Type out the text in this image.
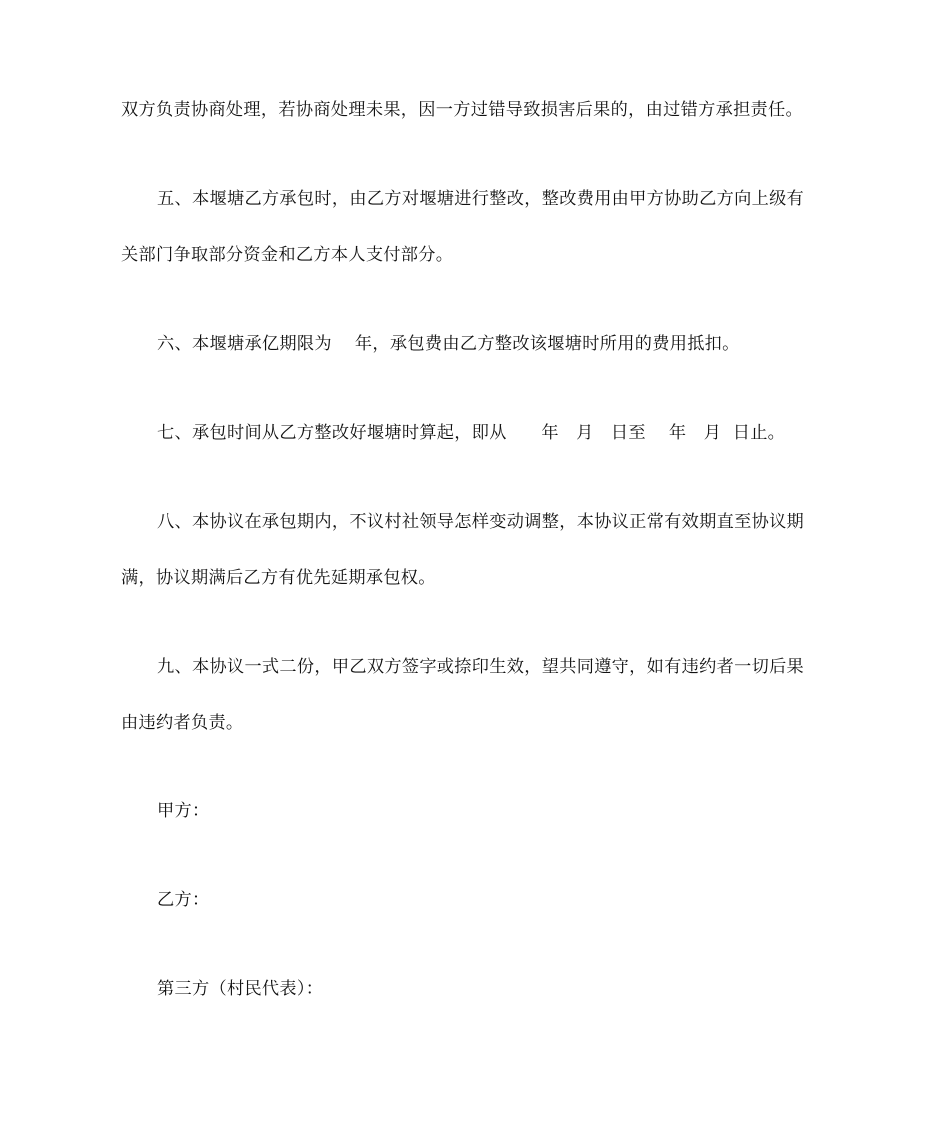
双方负责协商处理，若协商处理未果，因一方过错导致损害后果的，由过错方承担责任。
五、本堰塘乙方承包时，由乙方对堰塘进行整改，整改费用由甲方协助乙方向上级有
关部门争取部分资金和乙方本人支付部分。
六、本堰塘承亿期限为    年，承包费由乙方整改该堰塘时所用的费用抵扣。
七、承包时间从乙方整改好堰塘时算起，即从      年   月   日至    年   月  日止。
八、本协议在承包期内，不议村社领导怎样变动调整，本协议正常有效期直至协议期
满，协议期满后乙方有优先延期承包权。
九、本协议一式二份，甲乙双方签字或捺印生效，望共同遵守，如有违约者一切后果
由违约者负责。
甲方：
乙方：
第三方（村民代表）：
